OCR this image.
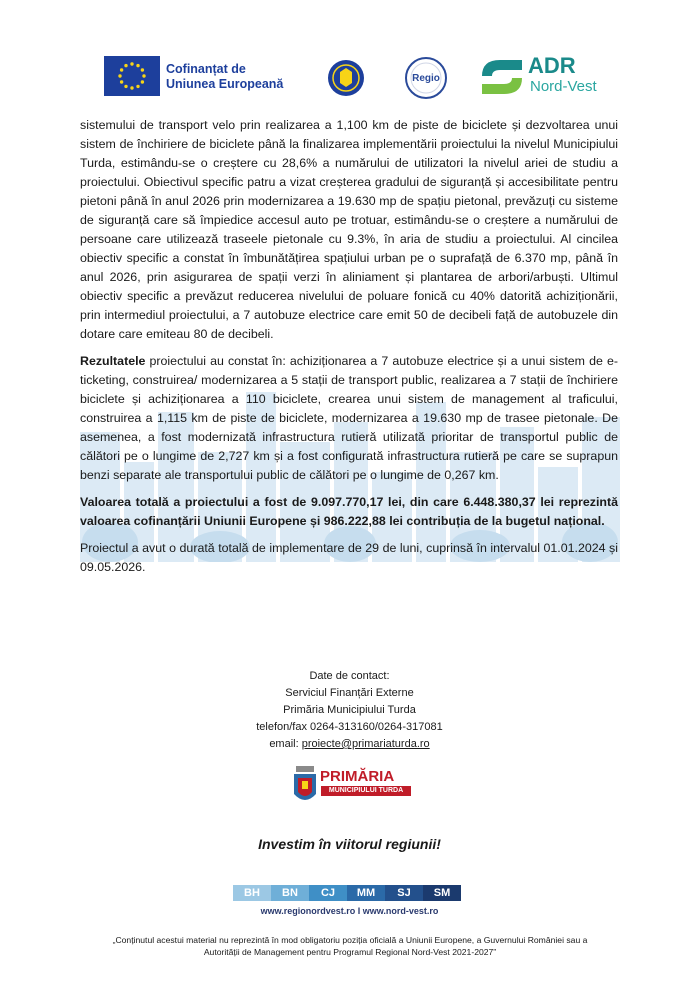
Cofinanțat de
Uniunea Europeană	Regio
ADR
Nord-Vest

sistemului de transport velo prin realizarea a 1,100 km de piste de biciclete și dezvoltarea unui sistem de închiriere de biciclete până la finalizarea implementării proiectului la nivelul Municipiului Turda, estimându-se o creștere cu 28,6% a numărului de utilizatori la nivelul ariei de studiu a proiectului. Obiectivul specific patru a vizat creșterea gradului de siguranță și accesibilitate pentru pietoni până în anul 2026 prin modernizarea a 19.630 mp de spațiu pietonal, prevăzuți cu sisteme de siguranță care să împiedice accesul auto pe trotuar, estimându-se o creștere a numărului de persoane care utilizează traseele pietonale cu 9.3%, în aria de studiu a proiectului. Al cincilea obiectiv specific a constat în îmbunătățirea spațiului urban pe o suprafață de 6.370 mp, până în anul 2026, prin asigurarea de spații verzi în aliniament și plantarea de arbori/arbuști. Ultimul obiectiv specific a prevăzut reducerea nivelului de poluare fonică cu 40% datorită achiziționării, prin intermediul proiectului, a 7 autobuze electrice care emit 50 de decibeli față de autobuzele din dotare care emiteau 80 de decibeli.

Rezultatele proiectului au constat în: achiziționarea a 7 autobuze electrice și a unui sistem de e-ticketing, construirea/ modernizarea a 5 stații de transport public, realizarea a 7 stații de închiriere biciclete și achiziționarea a 110 biciclete, crearea unui sistem de management al traficului, construirea a 1,115 km de piste de biciclete, modernizarea a 19.630 mp de trasee pietonale. De asemenea, a fost modernizată infrastructura rutieră utilizată prioritar de transportul public de călători pe o lungime de 2,727 km și a fost configurată infrastructura rutieră pe care se suprapun benzi separate ale transportului public de călători pe o lungime de 0,267 km.

Valoarea totală a proiectului a fost de 9.097.770,17 lei, din care 6.448.380,37 lei reprezintă valoarea cofinanțării Uniunii Europene și 986.222,88 lei contribuția de la bugetul național.

Proiectul a avut o durată totală de implementare de 29 de luni, cuprinsă în intervalul 01.01.2024 și 09.05.2026.

Date de contact:
Serviciul Finanțări Externe
Primăria Municipiului Turda
telefon/fax 0264-313160/0264-317081
email: proiecte@primariaturda.ro
PRIMĂRIA
MUNICIPIULUI TURDA
Investim în viitorul regiunii!
BH	BN	CJ	MM	SJ	SM
www.regionordvest.ro I www.nord-vest.ro
„Conținutul acestui material nu reprezintă în mod obligatoriu poziția oficială a Uniunii Europene, a Guvernului României sau a Autorității de Management pentru Programul Regional Nord-Vest 2021-2027”
